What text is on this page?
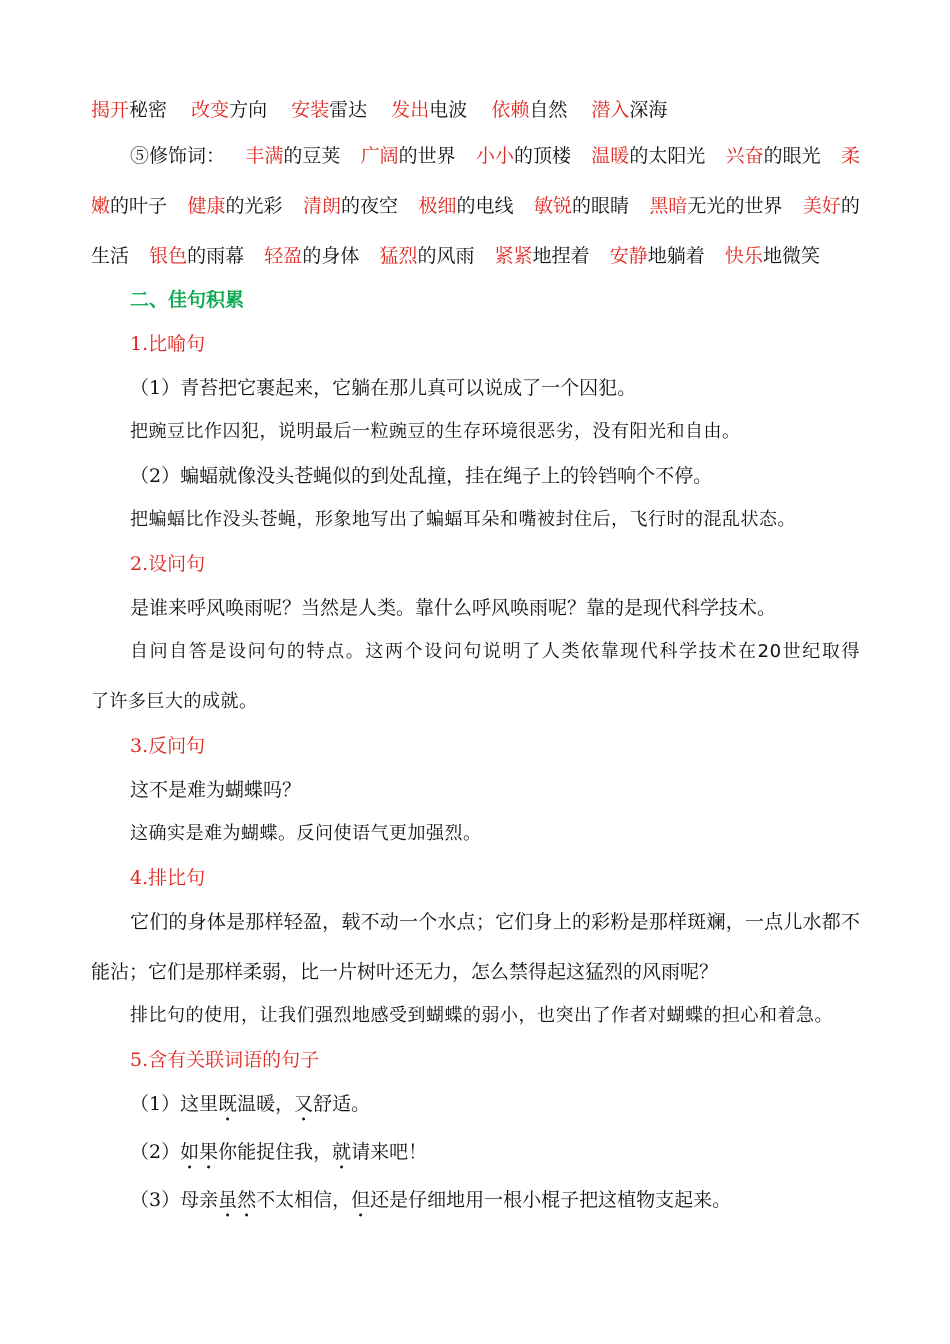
揭开秘密 改变方向 安装雷达 发出电波 依赖自然 潜入深海
⑤修饰词： 丰满的豆荚 广阔的世界 小小的顶楼 温暖的太阳光 兴奋的眼光 柔
嫩的叶子 健康的光彩 清朗的夜空 极细的电线 敏锐的眼睛 黑暗无光的世界 美好的
生活 银色的雨幕 轻盈的身体 猛烈的风雨 紧紧地捏着 安静地躺着 快乐地微笑
二、佳句积累
1.比喻句
（1）青苔把它裹起来，它躺在那儿真可以说成了一个囚犯。
把豌豆比作囚犯，说明最后一粒豌豆的生存环境很恶劣，没有阳光和自由。
（2）蝙蝠就像没头苍蝇似的到处乱撞，挂在绳子上的铃铛响个不停。
把蝙蝠比作没头苍蝇，形象地写出了蝙蝠耳朵和嘴被封住后，飞行时的混乱状态。
2.设问句
是谁来呼风唤雨呢？当然是人类。靠什么呼风唤雨呢？靠的是现代科学技术。
自问自答是设问句的特点。这两个设问句说明了人类依靠现代科学技术在20世纪取得
了许多巨大的成就。
3.反问句
这不是难为蝴蝶吗？
这确实是难为蝴蝶。反问使语气更加强烈。
4.排比句
它们的身体是那样轻盈，载不动一个水点；它们身上的彩粉是那样斑斓，一点儿水都不
能沾；它们是那样柔弱，比一片树叶还无力，怎么禁得起这猛烈的风雨呢？
排比句的使用，让我们强烈地感受到蝴蝶的弱小，也突出了作者对蝴蝶的担心和着急。
5.含有关联词语的句子
（1）这里既温暖，又舒适。
（2）如果你能捉住我，就请来吧！
（3）母亲虽然不太相信，但还是仔细地用一根小棍子把这植物支起来。
